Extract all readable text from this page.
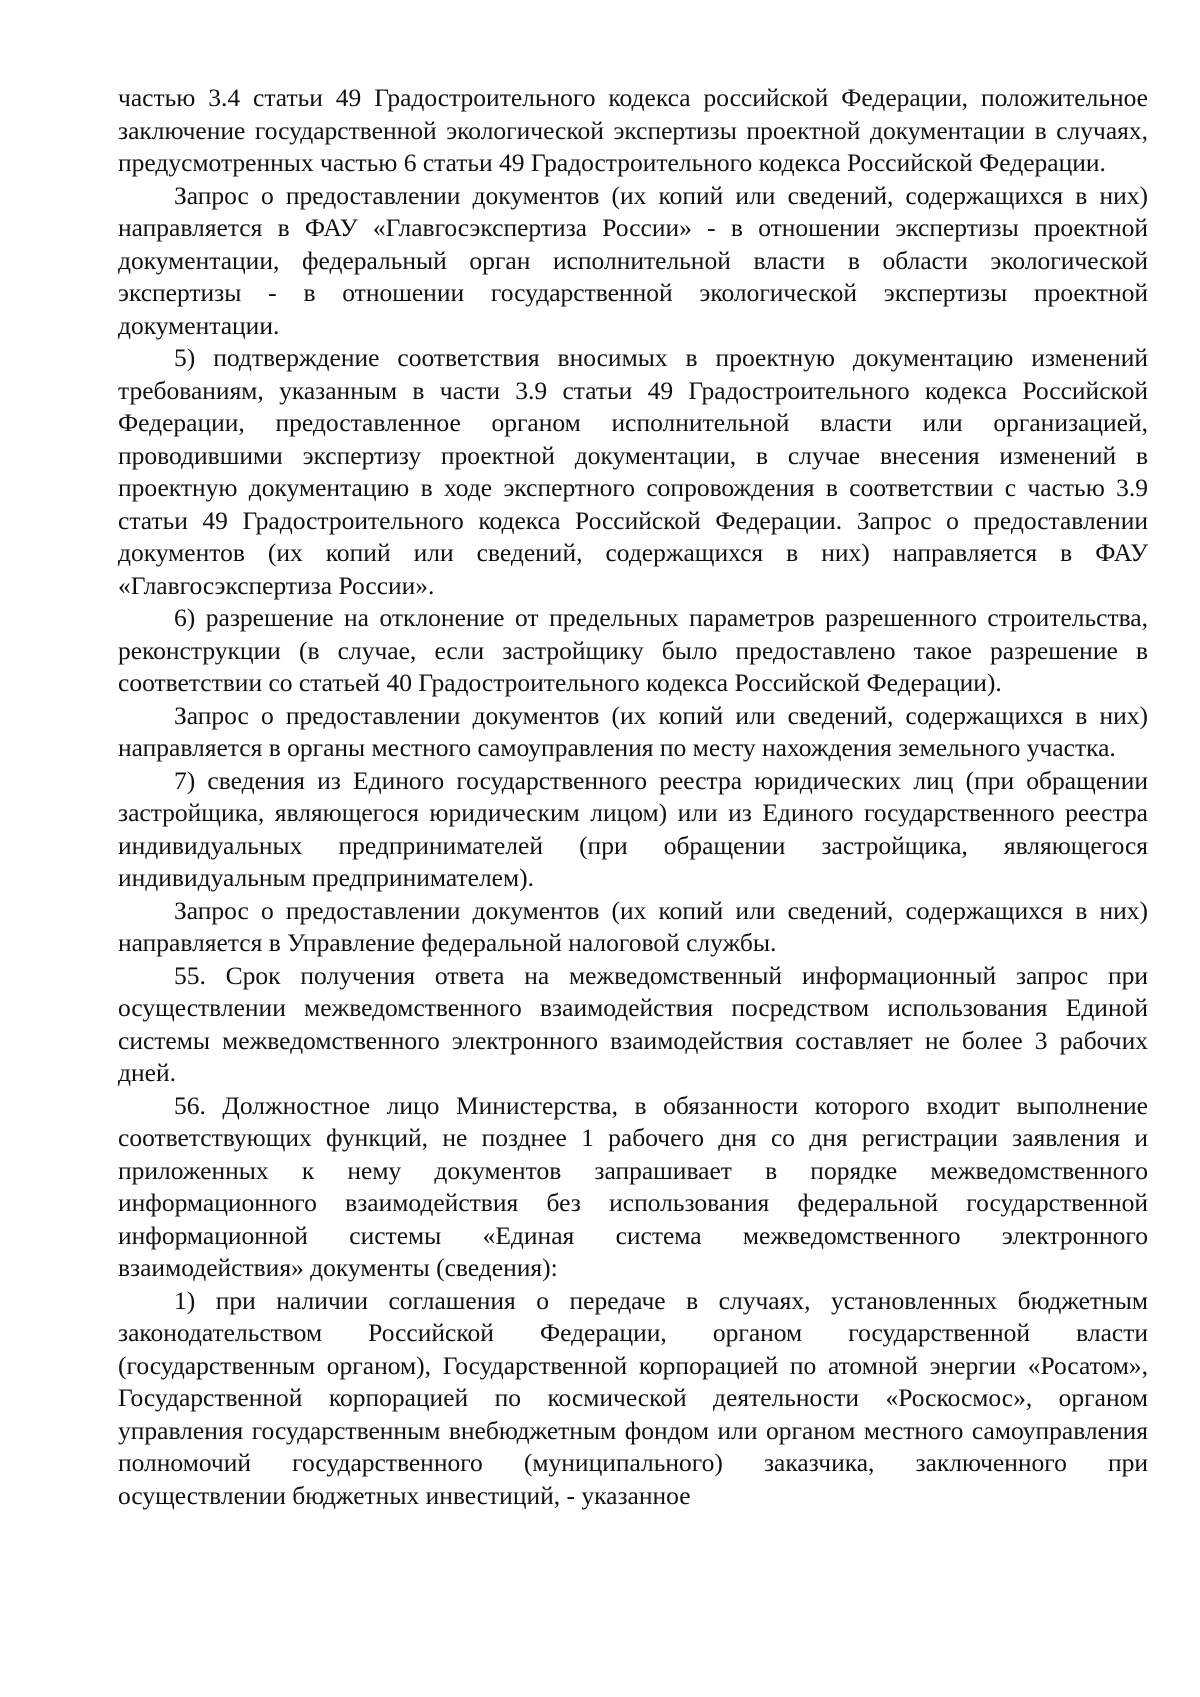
частью 3.4 статьи 49 Градостроительного кодекса российской Федерации, положительное заключение государственной экологической экспертизы проектной документации в случаях, предусмотренных частью 6 статьи 49 Градостроительного кодекса Российской Федерации.

Запрос о предоставлении документов (их копий или сведений, содержащихся в них) направляется в ФАУ «Главгосэкспертиза России» - в отношении экспертизы проектной документации, федеральный орган исполнительной власти в области экологической экспертизы - в отношении государственной экологической экспертизы проектной документации.

5) подтверждение соответствия вносимых в проектную документацию изменений требованиям, указанным в части 3.9 статьи 49 Градостроительного кодекса Российской Федерации, предоставленное органом исполнительной власти или организацией, проводившими экспертизу проектной документации, в случае внесения изменений в проектную документацию в ходе экспертного сопровождения в соответствии с частью 3.9 статьи 49 Градостроительного кодекса Российской Федерации. Запрос о предоставлении документов (их копий или сведений, содержащихся в них) направляется в ФАУ «Главгосэкспертиза России».

6) разрешение на отклонение от предельных параметров разрешенного строительства, реконструкции (в случае, если застройщику было предоставлено такое разрешение в соответствии со статьей 40 Градостроительного кодекса Российской Федерации).

Запрос о предоставлении документов (их копий или сведений, содержащихся в них) направляется в органы местного самоуправления по месту нахождения земельного участка.

7) сведения из Единого государственного реестра юридических лиц (при обращении застройщика, являющегося юридическим лицом) или из Единого государственного реестра индивидуальных предпринимателей (при обращении застройщика, являющегося индивидуальным предпринимателем).

Запрос о предоставлении документов (их копий или сведений, содержащихся в них) направляется в Управление федеральной налоговой службы.

55. Срок получения ответа на межведомственный информационный запрос при осуществлении межведомственного взаимодействия посредством использования Единой системы межведомственного электронного взаимодействия составляет не более 3 рабочих дней.

56. Должностное лицо Министерства, в обязанности которого входит выполнение соответствующих функций, не позднее 1 рабочего дня со дня регистрации заявления и приложенных к нему документов запрашивает в порядке межведомственного информационного взаимодействия без использования федеральной государственной информационной системы «Единая система межведомственного электронного взаимодействия» документы (сведения):

1) при наличии соглашения о передаче в случаях, установленных бюджетным законодательством Российской Федерации, органом государственной власти (государственным органом), Государственной корпорацией по атомной энергии «Росатом», Государственной корпорацией по космической деятельности «Роскосмос», органом управления государственным внебюджетным фондом или органом местного самоуправления полномочий государственного (муниципального) заказчика, заключенного при осуществлении бюджетных инвестиций, - указанное
